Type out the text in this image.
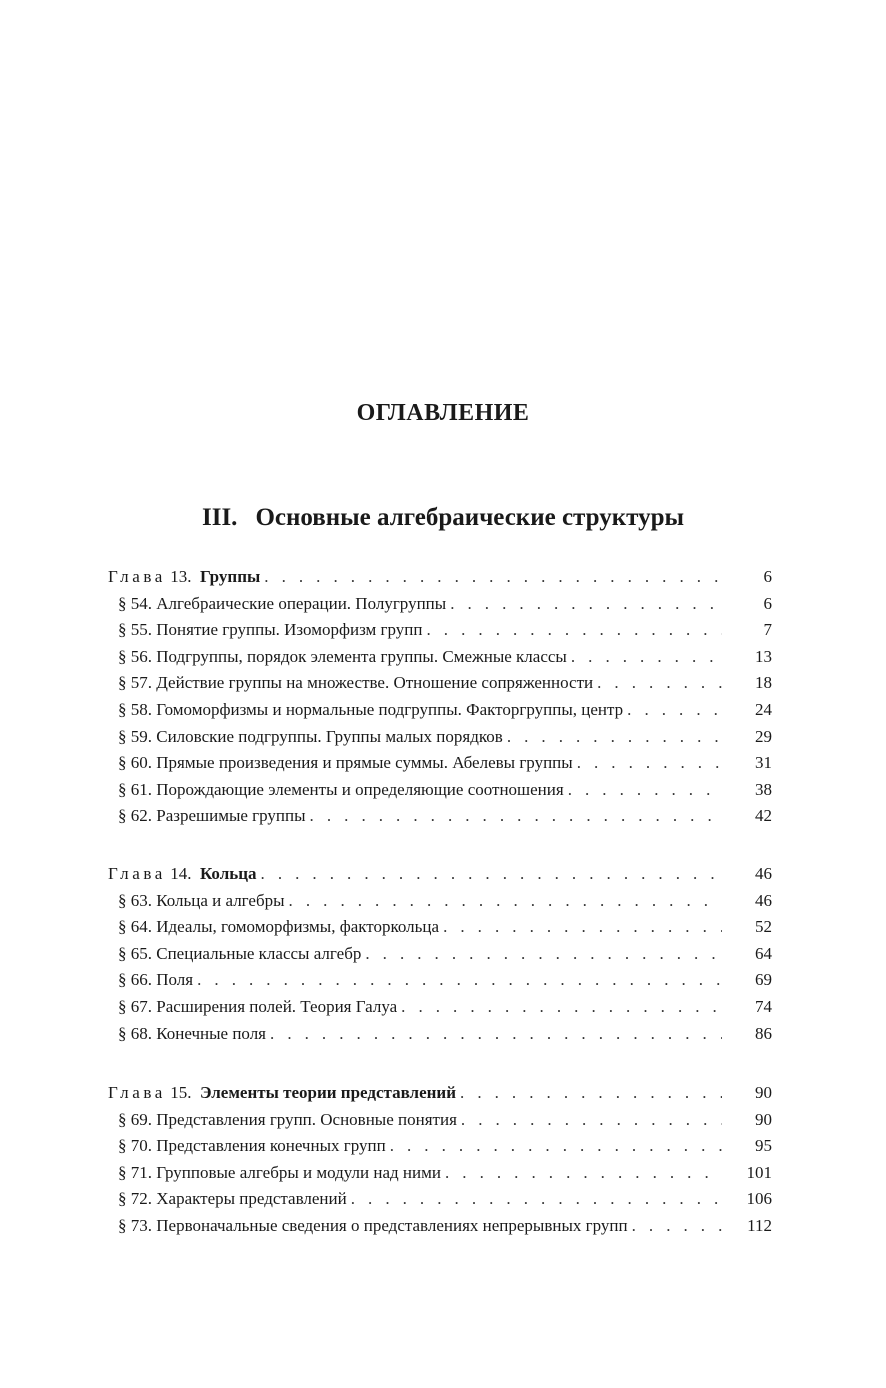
ОГЛАВЛЕНИЕ
III. Основные алгебраические структуры
Глава 13. Группы . . .	6
§ 54. Алгебраические операции. Полугруппы . . .	6
§ 55. Понятие группы. Изоморфизм групп . . .	7
§ 56. Подгруппы, порядок элемента группы. Смежные классы . . .	13
§ 57. Действие группы на множестве. Отношение сопряженности . . .	18
§ 58. Гомоморфизмы и нормальные подгруппы. Факторгруппы, центр . . .	24
§ 59. Силовские подгруппы. Группы малых порядков . . .	29
§ 60. Прямые произведения и прямые суммы. Абелевы группы . . .	31
§ 61. Порождающие элементы и определяющие соотношения . . .	38
§ 62. Разрешимые группы . . .	42
Глава 14. Кольца . . .	46
§ 63. Кольца и алгебры . . .	46
§ 64. Идеалы, гомоморфизмы, факторкольца . . .	52
§ 65. Специальные классы алгебр . . .	64
§ 66. Поля . . .	69
§ 67. Расширения полей. Теория Галуа . . .	74
§ 68. Конечные поля . . .	86
Глава 15. Элементы теории представлений . . .	90
§ 69. Представления групп. Основные понятия . . .	90
§ 70. Представления конечных групп . . .	95
§ 71. Групповые алгебры и модули над ними . . .	101
§ 72. Характеры представлений . . .	106
§ 73. Первоначальные сведения о представлениях непрерывных групп . . .	112
